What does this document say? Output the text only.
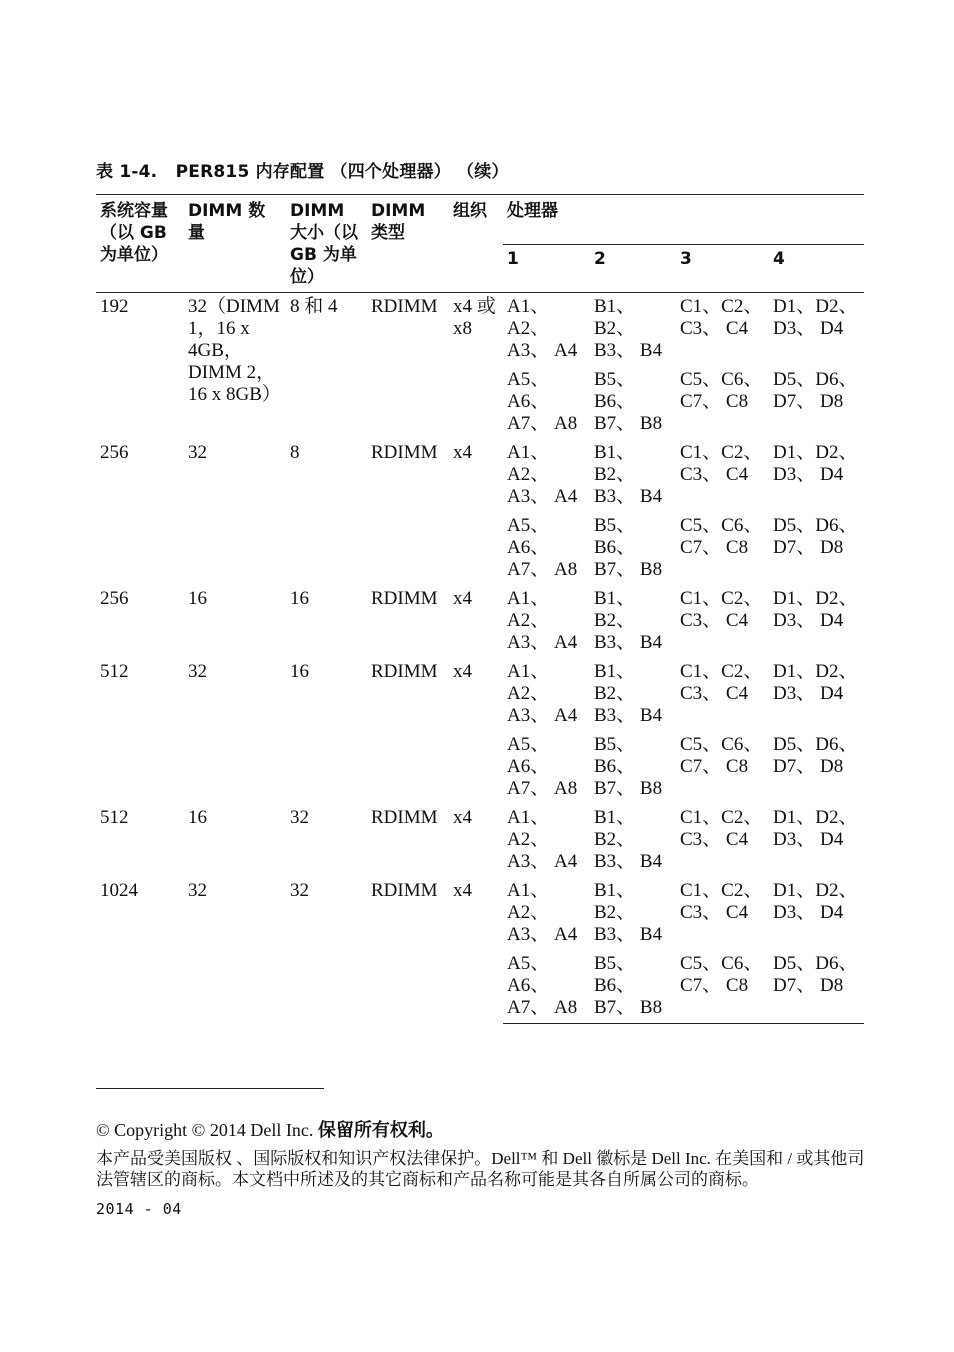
表 1-4.   PER815 内存配置 （四个处理器） （续）
系统容量（以 GB 为单位）	DIMM 数量	DIMM 大小（以 GB 为单位）	DIMM 类型	组织	处理器			
					1	2	3	4
192	32（DIMM 1，16 x 4GB，DIMM 2，16 x 8GB）	8 和 4	RDIMM	x4 或 x8	A1、A2、A3、 A4	B1、B2、B3、 B4	C1、C2、C3、 C4	D1、D2、D3、 D4
					A5、A6、A7、 A8	B5、B6、B7、 B8	C5、C6、C7、 C8	D5、D6、D7、 D8
256	32	8	RDIMM	x4	A1、A2、A3、 A4	B1、B2、B3、 B4	C1、C2、C3、 C4	D1、D2、D3、 D4
					A5、A6、A7、 A8	B5、B6、B7、 B8	C5、C6、C7、 C8	D5、D6、D7、 D8
256	16	16	RDIMM	x4	A1、A2、A3、 A4	B1、B2、B3、 B4	C1、C2、C3、 C4	D1、D2、D3、 D4
512	32	16	RDIMM	x4	A1、A2、A3、 A4	B1、B2、B3、 B4	C1、C2、C3、 C4	D1、D2、D3、 D4
					A5、A6、A7、 A8	B5、B6、B7、 B8	C5、C6、C7、 C8	D5、D6、D7、 D8
512	16	32	RDIMM	x4	A1、A2、A3、 A4	B1、B2、B3、 B4	C1、C2、C3、 C4	D1、D2、D3、 D4
1024	32	32	RDIMM	x4	A1、A2、A3、 A4	B1、B2、B3、 B4	C1、C2、C3、 C4	D1、D2、D3、 D4
					A5、A6、A7、 A8	B5、B6、B7、 B8	C5、C6、C7、 C8	D5、D6、D7、 D8
© Copyright © 2014 Dell Inc. 保留所有权利。
本产品受美国版权 、国际版权和知识产权法律保护。Dell™ 和 Dell 徽标是 Dell Inc. 在美国和 / 或其他司法管辖区的商标。本文档中所述及的其它商标和产品名称可能是其各自所属公司的商标。
2014 - 04
